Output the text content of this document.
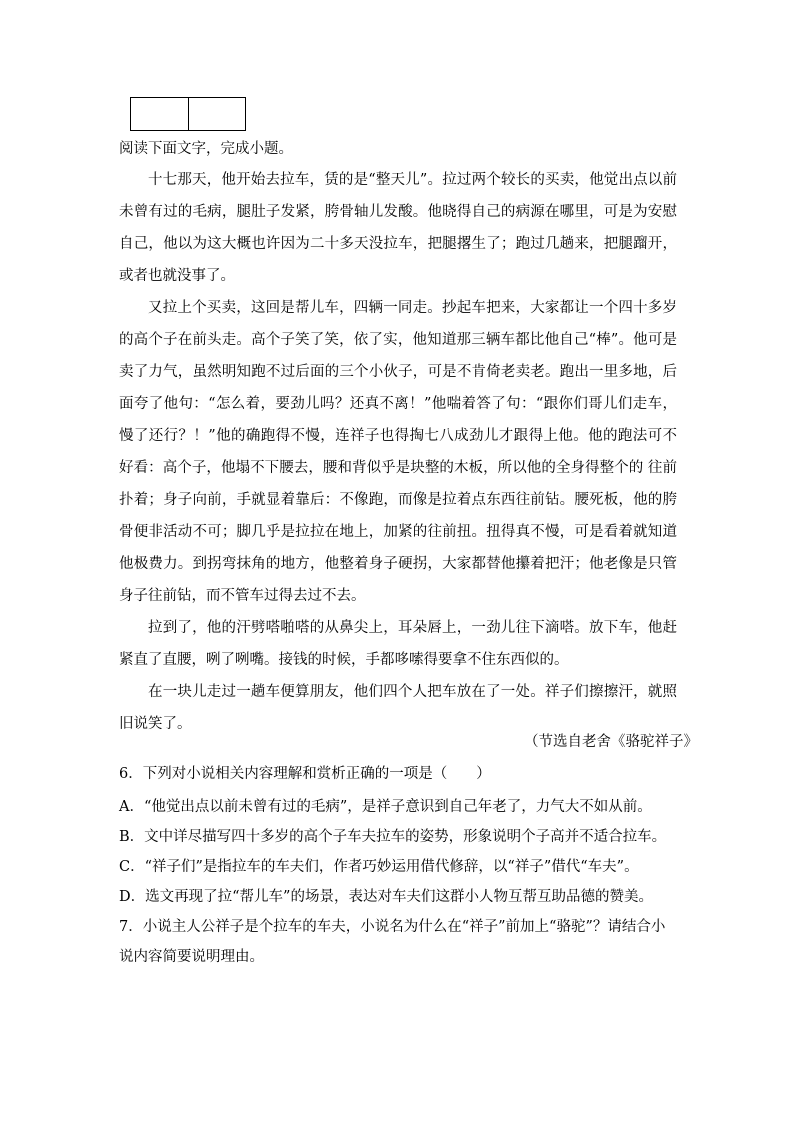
阅读下面文字，完成小题。

十七那天，他开始去拉车，赁的是“整天儿”。拉过两个较长的买卖，他觉出点以前未曾有过的毛病，腿肚子发紧，胯骨轴儿发酸。他晓得自己的病源在哪里，可是为安慰自己，他以为这大概也许因为二十多天没拉车，把腿撂生了；跑过几趟来，把腿蹓开，或者也就没事了。

又拉上个买卖，这回是帮儿车，四辆一同走。抄起车把来，大家都让一个四十多岁的高个子在前头走。高个子笑了笑，依了实，他知道那三辆车都比他自己“棒”。他可是卖了力气，虽然明知跑不过后面的三个小伙子，可是不肯倚老卖老。跑出一里多地，后面夸了他句：“怎么着，要劲儿吗？还真不离！”他喘着答了句：“跟你们哥儿们走车，慢了还行？！”他的确跑得不慢，连祥子也得掏七八成劲儿才跟得上他。他的跑法可不好看：高个子，他塌不下腰去，腰和背似乎是块整的木板，所以他的全身得整个的 往前扑着；身子向前，手就显着靠后：不像跑，而像是拉着点东西往前钻。腰死板，他的胯骨便非活动不可；脚几乎是拉拉在地上，加紧的往前扭。扭得真不慢，可是看着就知道他极费力。到拐弯抹角的地方，他整着身子硬拐，大家都替他攥着把汗；他老像是只管身子往前钻，而不管车过得去过不去。

拉到了，他的汗劈嗒啪嗒的从鼻尖上，耳朵唇上，一劲儿往下滴嗒。放下车，他赶紧直了直腰，咧了咧嘴。接钱的时候，手都哆嗦得要拿不住东西似的。

在一块儿走过一趟车便算朋友，他们四个人把车放在了一处。祥子们擦擦汗，就照旧说笑了。

（节选自老舍《骆驼祥子》

6．下列对小说相关内容理解和赏析正确的一项是（　　）

A．“他觉出点以前未曾有过的毛病”，是祥子意识到自己年老了，力气大不如从前。

B．文中详尽描写四十多岁的高个子车夫拉车的姿势，形象说明个子高并不适合拉车。

C．“祥子们”是指拉车的车夫们，作者巧妙运用借代修辞，以“祥子”借代“车夫”。

D．选文再现了拉“帮儿车”的场景，表达对车夫们这群小人物互帮互助品德的赞美。

7．小说主人公祥子是个拉车的车夫，小说名为什么在“祥子”前加上“骆驼”？请结合小说内容简要说明理由。
